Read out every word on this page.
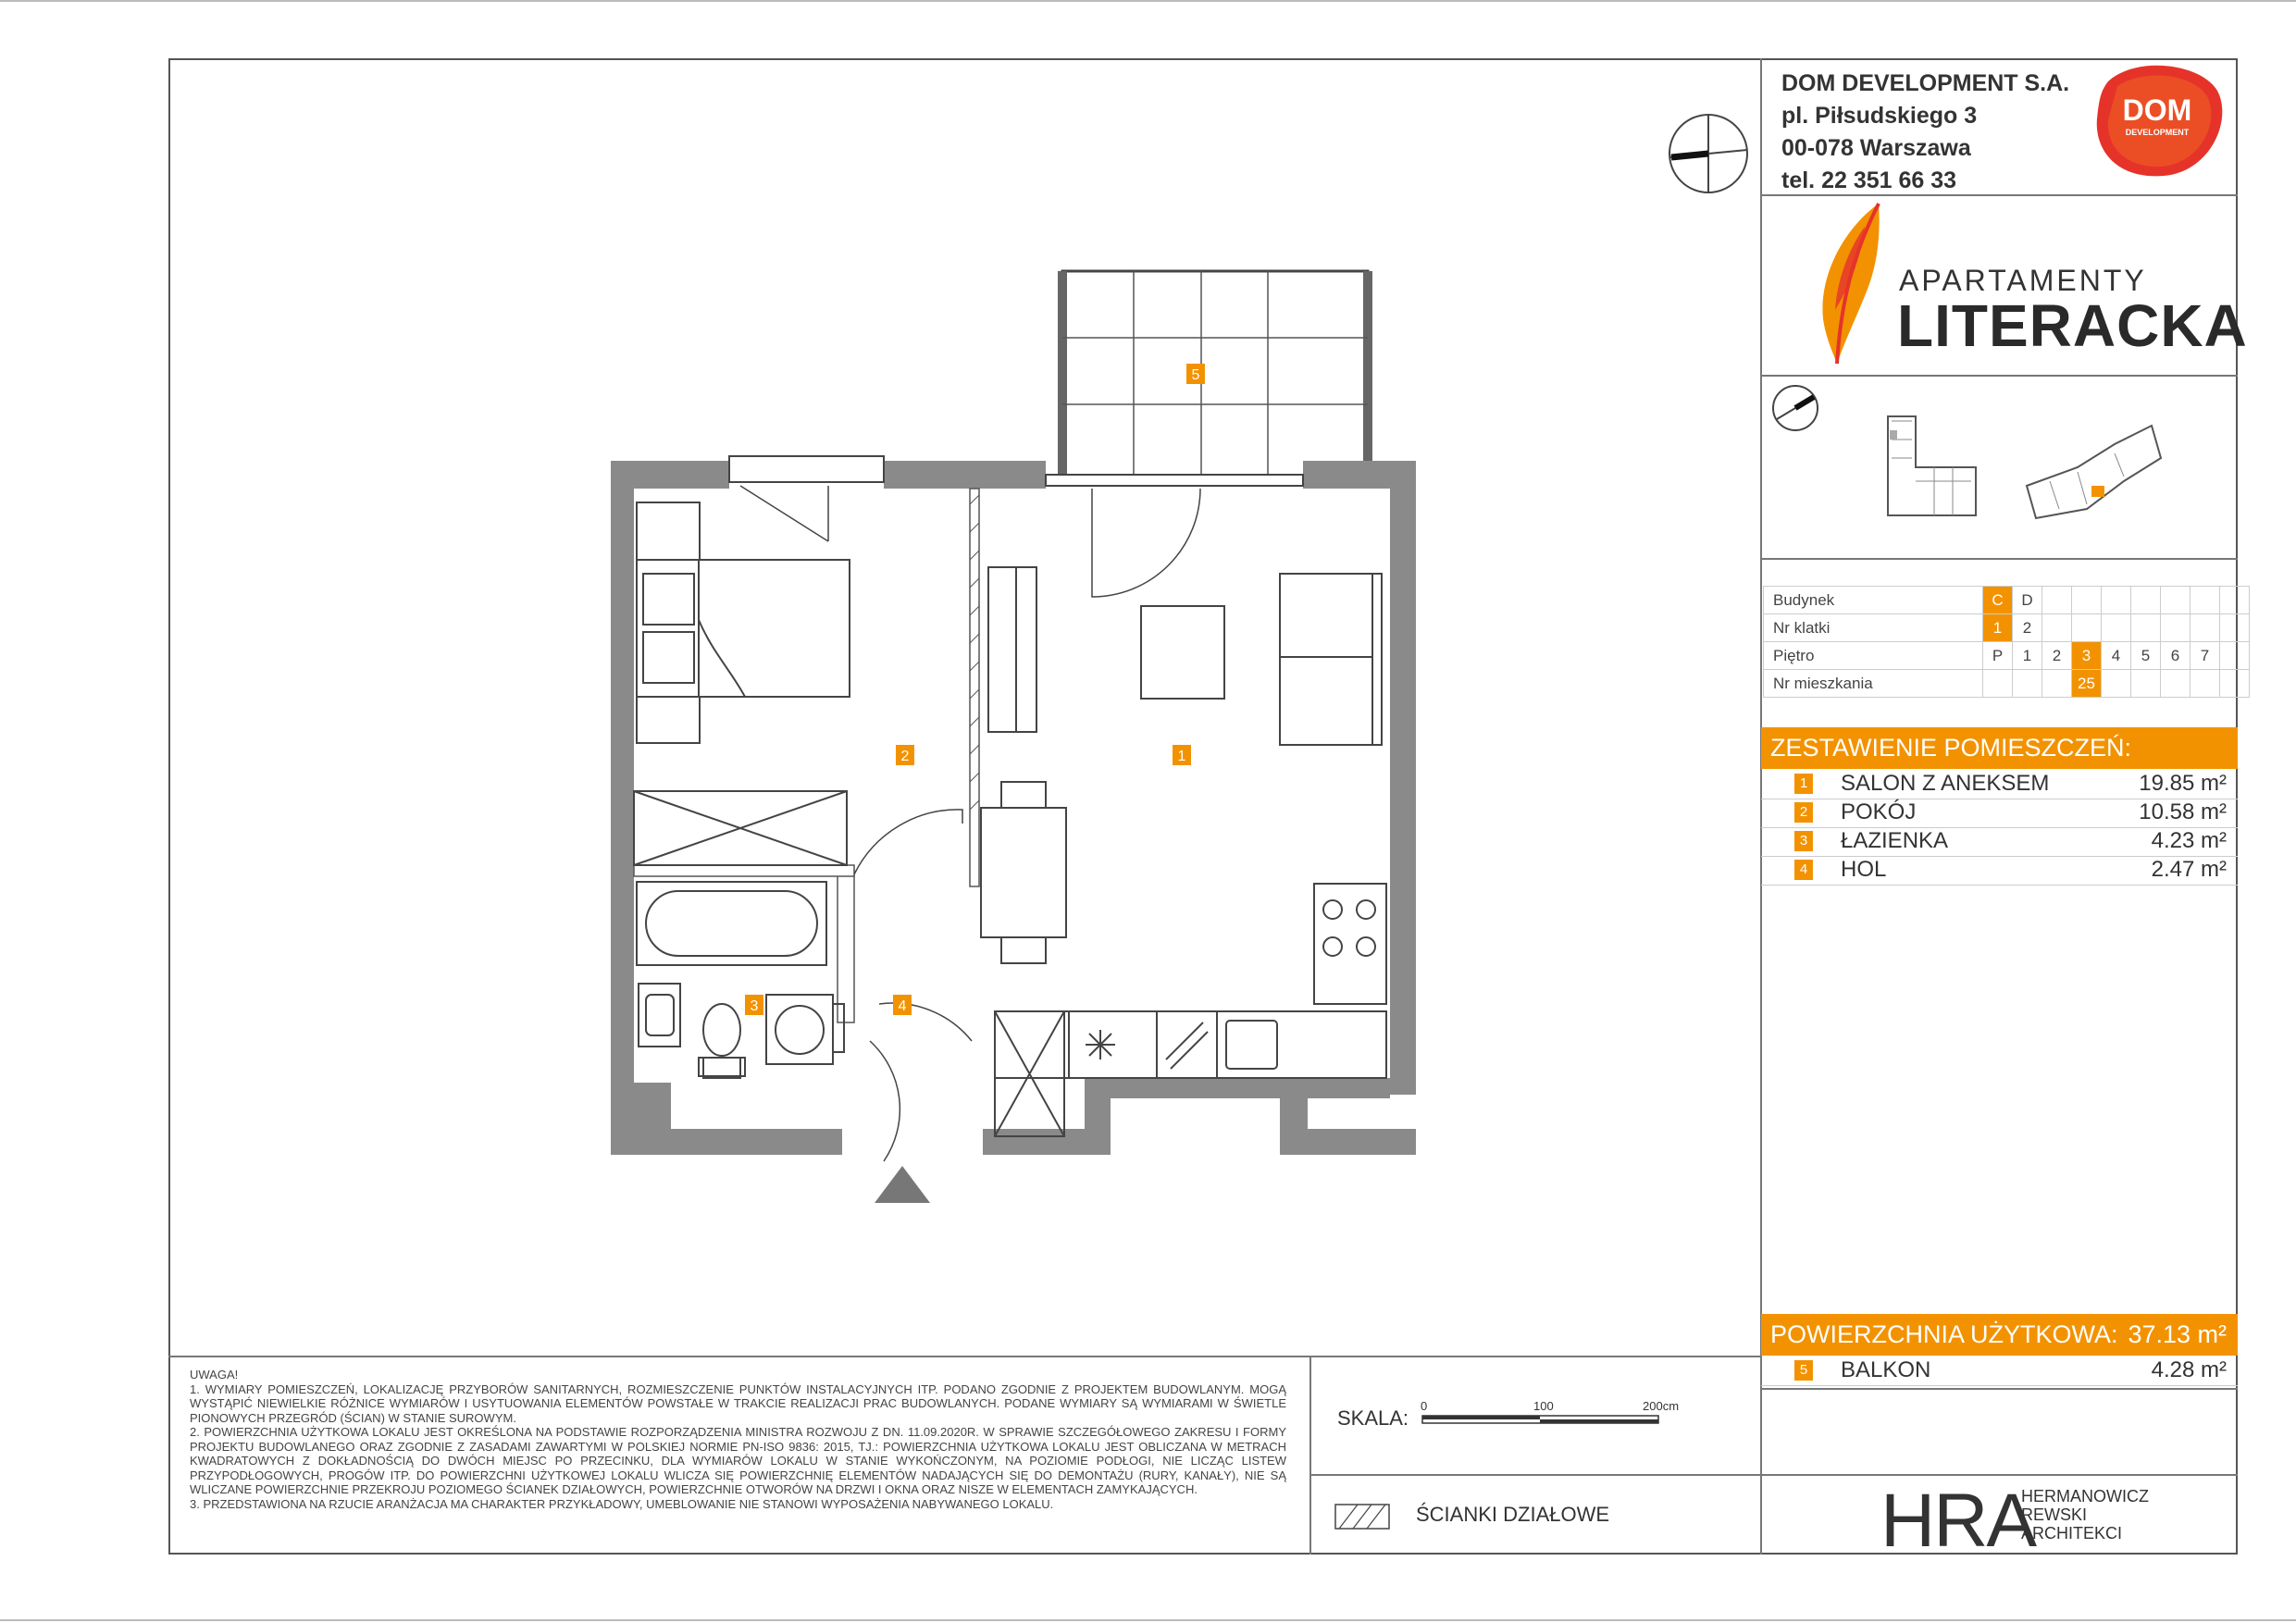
DOM DEVELOPMENT S.A.
pl. Piłsudskiego 3
00-078 Warszawa
tel. 22 351 66 33
DOM
DEVELOPMENT
APARTAMENTY
LITERACKA
Budynek	C	D							
Nr klatki	1	2							
Piętro	P	1	2	3	4	5	6	7	
Nr mieszkania				25					
ZESTAWIENIE POMIESZCZEŃ:
1 SALON Z ANEKSEM	19.85 m²
2 POKÓJ	10.58 m²
3 ŁAZIENKA	4.23 m²
4 HOL	2.47 m²
POWIERZCHNIA UŻYTKOWA: 37.13 m²
5 BALKON	4.28 m²
5
1
2
3	4

UWAGA!

1. WYMIARY POMIESZCZEŃ, LOKALIZACJĘ PRZYBORÓW SANITARNYCH, ROZMIESZCZENIE PUNKTÓW INSTALACYJNYCH ITP. PODANO ZGODNIE Z PROJEKTEM BUDOWLANYM. MOGĄ WYSTĄPIĆ NIEWIELKIE RÓŻNICE WYMIARÓW I USYTUOWANIA ELEMENTÓW POWSTAŁE W TRAKCIE REALIZACJI PRAC BUDOWLANYCH. PODANE WYMIARY SĄ WYMIARAMI W ŚWIETLE PIONOWYCH PRZEGRÓD (ŚCIAN) W STANIE SUROWYM.

2. POWIERZCHNIA UŻYTKOWA LOKALU JEST OKREŚLONA NA PODSTAWIE ROZPORZĄDZENIA MINISTRA ROZWOJU Z DN. 11.09.2020R. W SPRAWIE SZCZEGÓŁOWEGO ZAKRESU I FORMY PROJEKTU BUDOWLANEGO ORAZ ZGODNIE Z ZASADAMI ZAWARTYMI W POLSKIEJ NORMIE PN-ISO 9836: 2015, TJ.: POWIERZCHNIA UŻYTKOWA LOKALU JEST OBLICZANA W METRACH KWADRATOWYCH Z DOKŁADNOŚCIĄ DO DWÓCH MIEJSC PO PRZECINKU, DLA WYMIARÓW LOKALU W STANIE WYKOŃCZONYM, NA POZIOMIE PODŁOGI, NIE LICZĄC LISTEW PRZYPODŁOGOWYCH, PROGÓW ITP. DO POWIERZCHNI UŻYTKOWEJ LOKALU WLICZA SIĘ POWIERZCHNIĘ ELEMENTÓW NADAJĄCYCH SIĘ DO DEMONTAŻU (RURY, KANAŁY), NIE SĄ WLICZANE POWIERZCHNIE PRZEKROJU POZIOMEGO ŚCIANEK DZIAŁOWYCH, POWIERZCHNIE OTWORÓW NA DRZWI I OKNA ORAZ NISZE W ELEMENTACH ZAMYKAJĄCYCH.

3. PRZEDSTAWIONA NA RZUCIE ARANŻACJA MA CHARAKTER PRZYKŁADOWY, UMEBLOWANIE NIE STANOWI WYPOSAŻENIA NABYWANEGO LOKALU.

SKALA:
0	100	200cm
ŚCIANKI DZIAŁOWE	HRA
HERMANOWICZ
REWSKI
ARCHITEKCI
